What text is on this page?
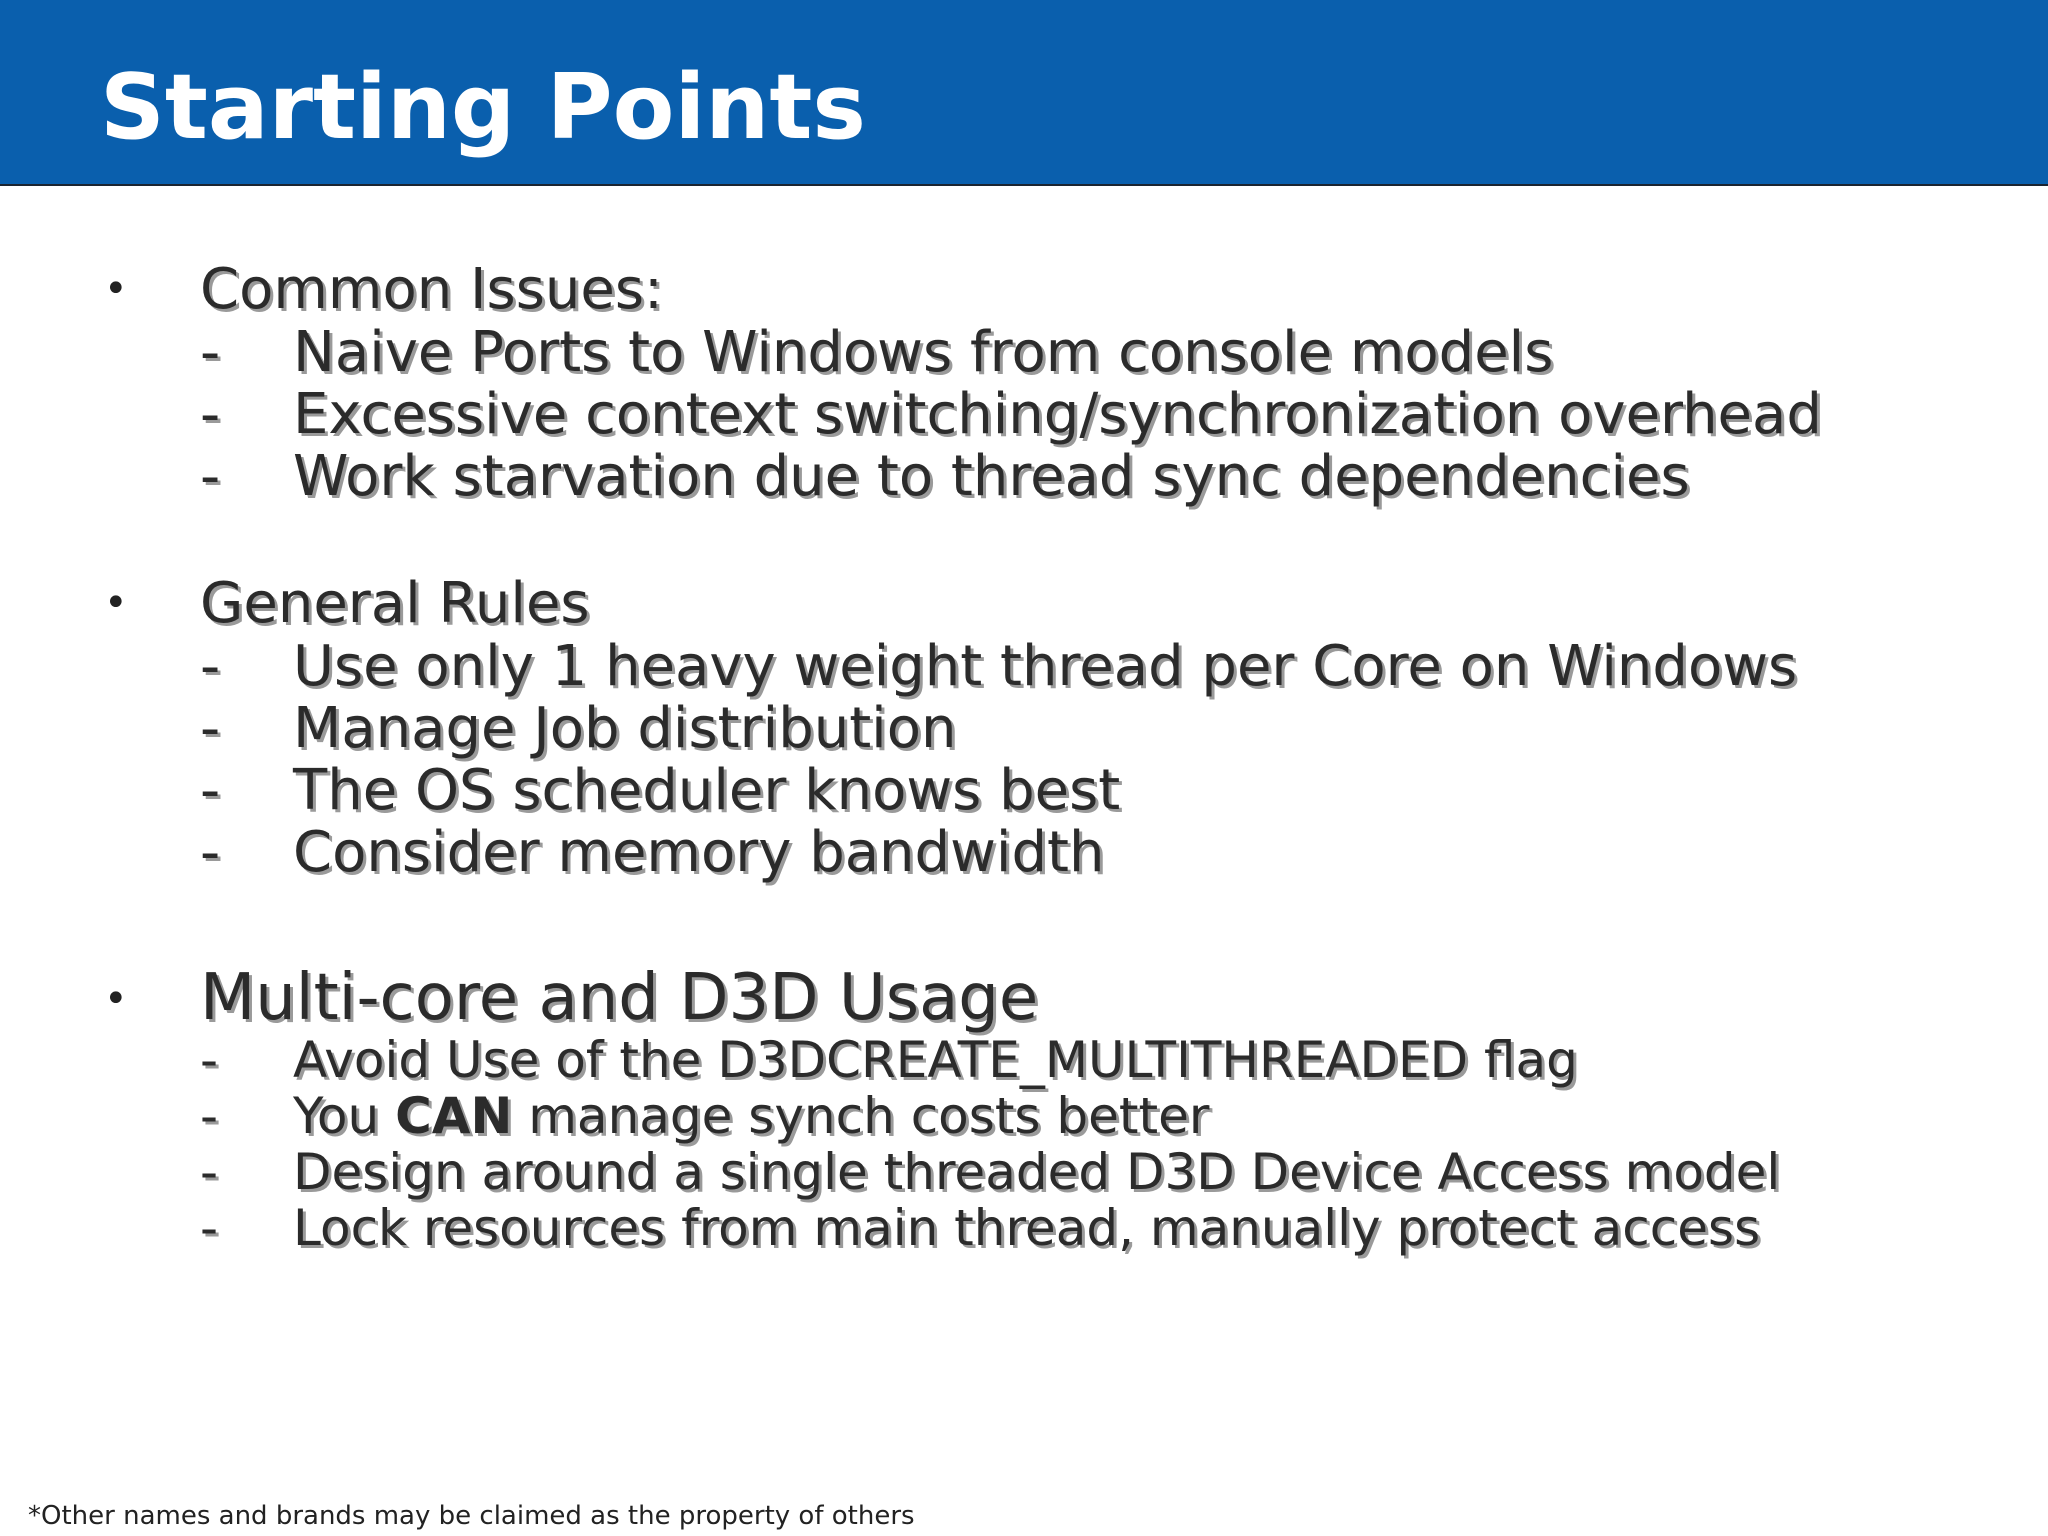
Starting Points
• Common Issues:
- Naive Ports to Windows from console models
- Excessive context switching/synchronization overhead
- Work starvation due to thread sync dependencies
• General Rules
- Use only 1 heavy weight thread per Core on Windows
- Manage Job distribution
- The OS scheduler knows best
- Consider memory bandwidth
• Multi-core and D3D Usage
- Avoid Use of the D3DCREATE_MULTITHREADED flag
- You CAN manage synch costs better
- Design around a single threaded D3D Device Access model
- Lock resources from main thread, manually protect access
*Other names and brands may be claimed as the property of others
